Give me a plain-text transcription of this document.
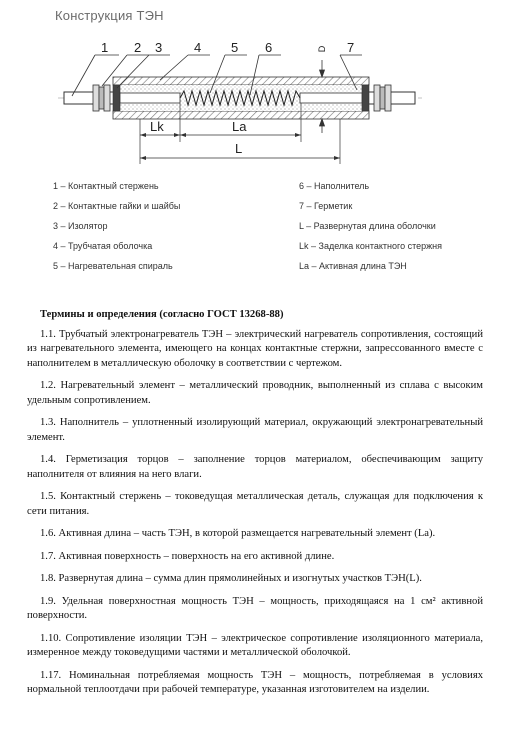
Конструкция ТЭН
1 2 3 4 5 6	7
D
Lk	La
L
1 – Контактный стержень
2 – Контактные гайки и шайбы
3 – Изолятор
4 – Трубчатая оболочка
5 – Нагревательная спираль
6 – Наполнитель
7 – Герметик
L – Развернутая длина оболочки
Lk – Заделка контактного стержня
La – Активная длина ТЭН
Термины и определения (согласно ГОСТ 13268-88)

1.1. Трубчатый электронагреватель ТЭН – электрический нагреватель сопротивления, состоящий из нагревательного элемента, имеющего на концах контактные стержни, запрессованного вместе с наполнителем в металлическую оболочку в соответствии с чертежом.

1.2. Нагревательный элемент – металлический проводник, выполненный из сплава с высоким удельным сопротивлением.

1.3. Наполнитель – уплотненный изолирующий материал, окружающий электронагревательный элемент.

1.4. Герметизация торцов – заполнение торцов материалом, обеспечивающим защиту наполнителя от влияния на него влаги.

1.5. Контактный стержень – токоведущая металлическая деталь, служащая для подключения к сети питания.

1.6. Активная длина – часть ТЭН, в которой размещается нагревательный элемент (La).

1.7. Активная поверхность – поверхность на его активной длине.

1.8. Развернутая длина – сумма длин прямолинейных и изогнутых участков ТЭН(L).

1.9. Удельная поверхностная мощность ТЭН – мощность, приходящаяся на 1 см² активной поверхности.

1.10. Сопротивление изоляции ТЭН – электрическое сопротивление изоляционного материала, измеренное между токоведущими частями и металлической оболочкой.

1.17. Номинальная потребляемая мощность ТЭН – мощность, потребляемая в условиях нормальной теплоотдачи при рабочей температуре, указанная изготовителем на изделии.
